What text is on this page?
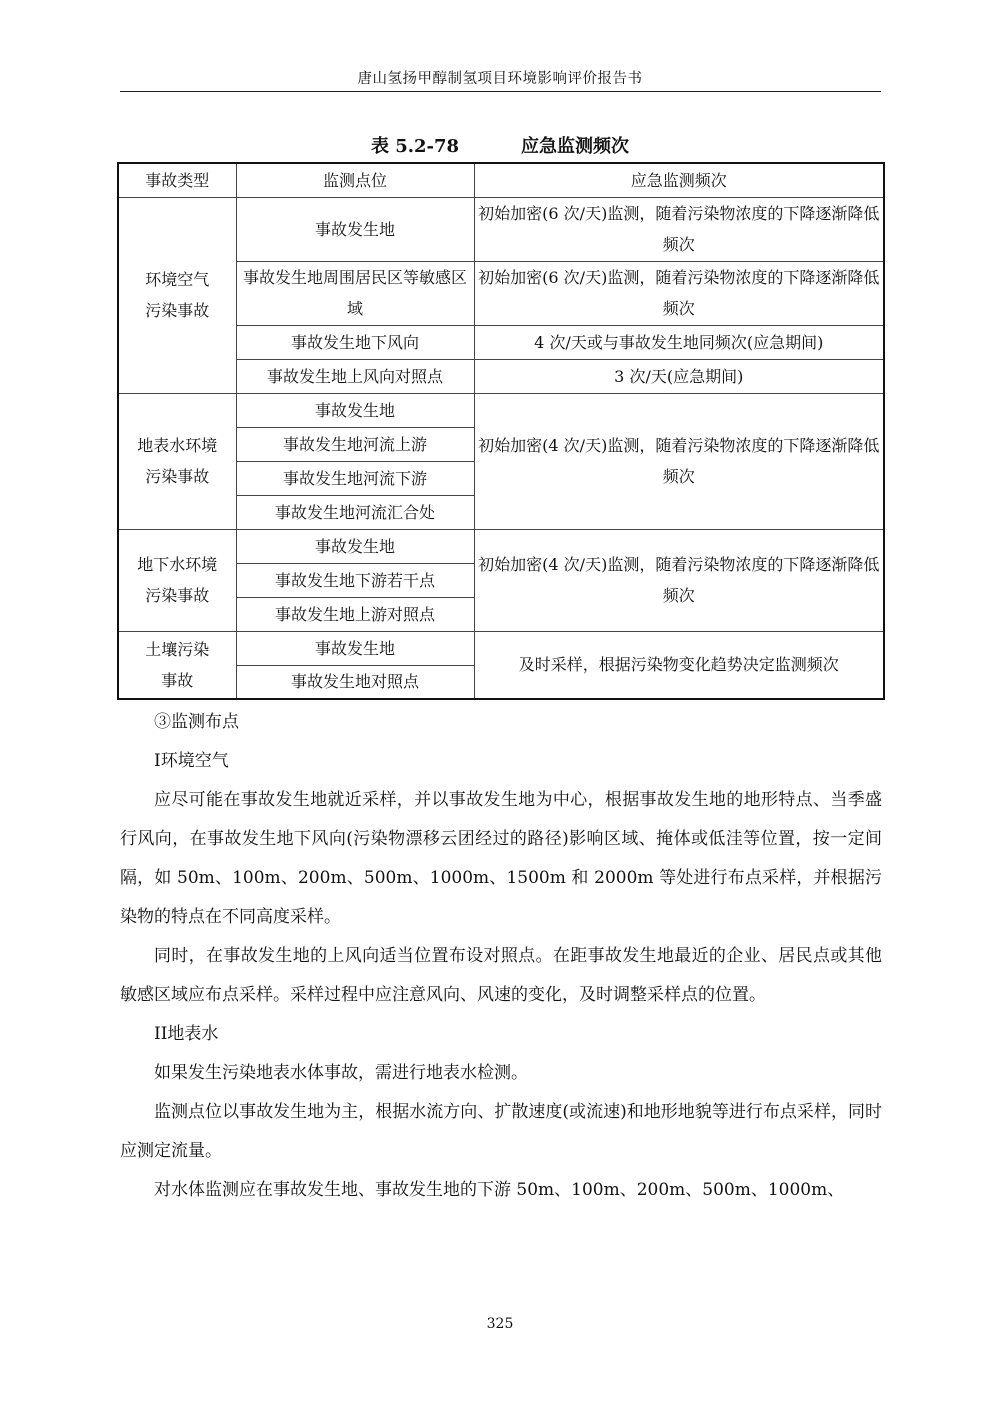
唐山氢扬甲醇制氢项目环境影响评价报告书
表 5.2-78	应急监测频次
事故类型	监测点位	应急监测频次
环境空气
污染事故	事故发生地	初始加密(6 次/天)监测，随着污染物浓度的下降逐渐降低频次
	事故发生地周围居民区等敏感区域	初始加密(6 次/天)监测，随着污染物浓度的下降逐渐降低频次
	事故发生地下风向	4 次/天或与事故发生地同频次(应急期间)
	事故发生地上风向对照点	3 次/天(应急期间)
地表水环境
污染事故	事故发生地	初始加密(4 次/天)监测，随着污染物浓度的下降逐渐降低频次
	事故发生地河流上游	
	事故发生地河流下游	
	事故发生地河流汇合处	
地下水环境
污染事故	事故发生地	初始加密(4 次/天)监测，随着污染物浓度的下降逐渐降低频次
	事故发生地下游若干点	
	事故发生地上游对照点	
土壤污染
事故	事故发生地	及时采样，根据污染物变化趋势决定监测频次
	事故发生地对照点	

③监测布点

I环境空气

应尽可能在事故发生地就近采样，并以事故发生地为中心，根据事故发生地的地形特点、当季盛行风向，在事故发生地下风向(污染物漂移云团经过的路径)影响区域、掩体或低洼等位置，按一定间隔，如 50m、100m、200m、500m、1000m、1500m 和 2000m 等处进行布点采样，并根据污染物的特点在不同高度采样。

同时，在事故发生地的上风向适当位置布设对照点。在距事故发生地最近的企业、居民点或其他敏感区域应布点采样。采样过程中应注意风向、风速的变化，及时调整采样点的位置。

II地表水

如果发生污染地表水体事故，需进行地表水检测。

监测点位以事故发生地为主，根据水流方向、扩散速度(或流速)和地形地貌等进行布点采样，同时应测定流量。

对水体监测应在事故发生地、事故发生地的下游 50m、100m、200m、500m、1000m、

325
